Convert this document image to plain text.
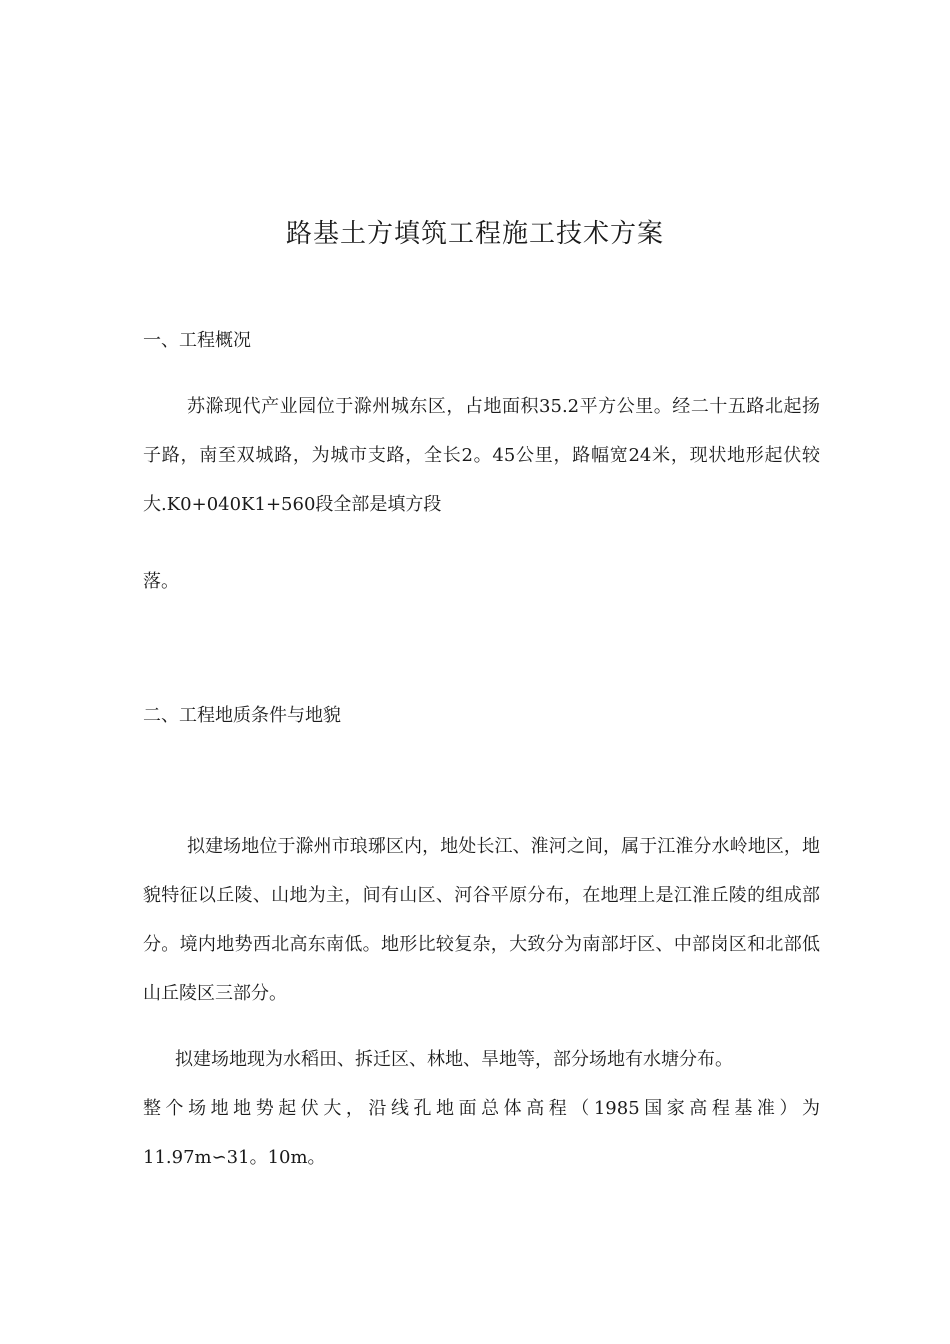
路基土方填筑工程施工技术方案
一、工程概况
苏滁现代产业园位于滁州城东区，占地面积35.2平方公里。经二十五路北起扬子路，南至双城路，为城市支路，全长2。45公里，路幅宽24米，现状地形起伏较大.K0+040K1+560段全部是填方段
落。
二、工程地质条件与地貌
拟建场地位于滁州市琅琊区内，地处长江、淮河之间，属于江淮分水岭地区，地貌特征以丘陵、山地为主，间有山区、河谷平原分布，在地理上是江淮丘陵的组成部分。境内地势西北高东南低。地形比较复杂，大致分为南部圩区、中部岗区和北部低山丘陵区三部分。
拟建场地现为水稻田、拆迁区、林地、旱地等，部分场地有水塘分布。
整个场地地势起伏大，沿线孔地面总体高程（1985国家高程基准）为
11.97m∽31。10m。
